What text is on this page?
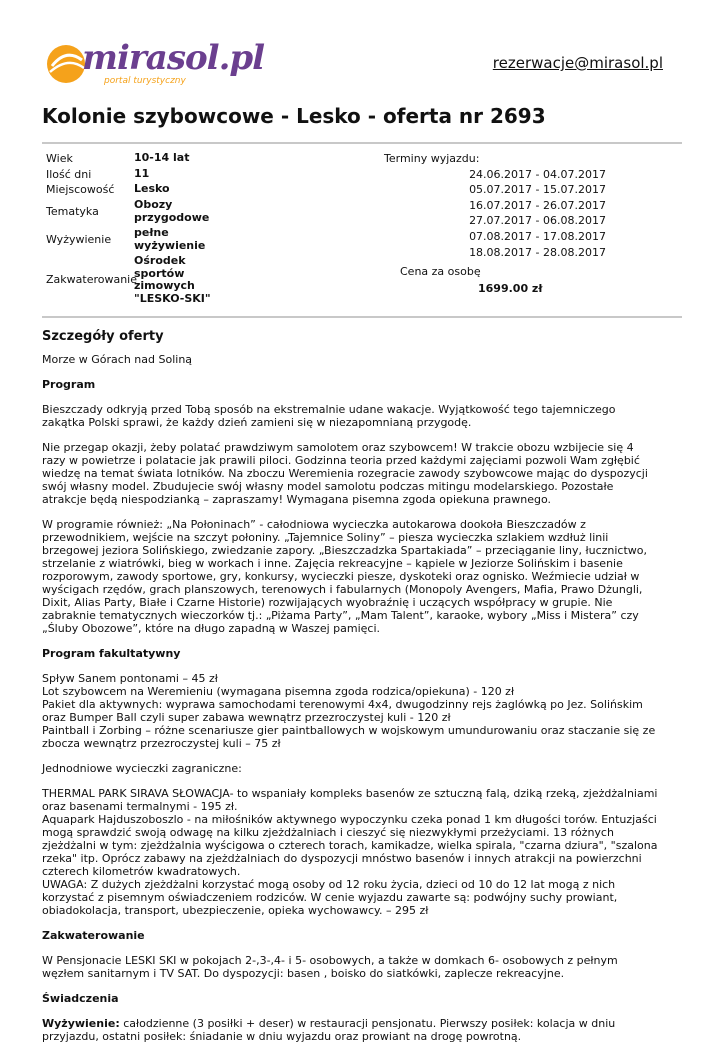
mirasol.pl
portal turystyczny
rezerwacje@mirasol.pl
Kolonie szybowcowe - Lesko - oferta nr 2693
Wiek	10-14 lat
Ilość dni	11
Miejscowość Lesko
Tematyka
Obozy przygodowe
Wyżywienie
pełne wyżywienie
Zakwaterowanie
Ośrodek sportów zimowych "LESKO-SKI"
Terminy wyjazdu:
24.06.2017 - 04.07.2017
05.07.2017 - 15.07.2017
16.07.2017 - 26.07.2017
27.07.2017 - 06.08.2017
07.08.2017 - 17.08.2017
18.08.2017 - 28.08.2017
Cena za osobę
1699.00 zł
Szczegóły oferty

Morze w Górach nad Soliną

Program

Bieszczady odkryją przed Tobą sposób na ekstremalnie udane wakacje. Wyjątkowość tego tajemniczego zakątka Polski sprawi, że każdy dzień zamieni się w niezapomnianą przygodę.

Nie przegap okazji, żeby polatać prawdziwym samolotem oraz szybowcem! W trakcie obozu wzbijecie się 4 razy w powietrze i polatacie jak prawili piloci. Godzinna teoria przed każdymi zajęciami pozwoli Wam zgłębić wiedzę na temat świata lotników. Na zboczu Weremienia rozegracie zawody szybowcowe mając do dyspozycji swój własny model. Zbudujecie swój własny model samolotu podczas mitingu modelarskiego. Pozostałe atrakcje będą niespodzianką – zapraszamy! Wymagana pisemna zgoda opiekuna prawnego.

W programie również: „Na Połoninach” - całodniowa wycieczka autokarowa dookoła Bieszczadów z przewodnikiem, wejście na szczyt połoniny. „Tajemnice Soliny” – piesza wycieczka szlakiem wzdłuż linii brzegowej jeziora Solińskiego, zwiedzanie zapory. „Bieszczadzka Spartakiada” – przeciąganie liny, łucznictwo, strzelanie z wiatrówki, bieg w workach i inne. Zajęcia rekreacyjne – kąpiele w Jeziorze Solińskim i basenie rozporowym, zawody sportowe, gry, konkursy, wycieczki piesze, dyskoteki oraz ognisko. Weźmiecie udział w wyścigach rzędów, grach planszowych, terenowych i fabularnych (Monopoly Avengers, Mafia, Prawo Dżungli, Dixit, Alias Party, Białe i Czarne Historie) rozwijających wyobraźnię i uczących współpracy w grupie. Nie zabraknie tematycznych wieczorków tj.: „Piżama Party”, „Mam Talent”, karaoke, wybory „Miss i Mistera” czy „Śluby Obozowe”, które na długo zapadną w Waszej pamięci.

Program fakultatywny

Spływ Sanem pontonami – 45 zł
Lot szybowcem na Weremieniu (wymagana pisemna zgoda rodzica/opiekuna) - 120 zł
Pakiet dla aktywnych: wyprawa samochodami terenowymi 4x4, dwugodzinny rejs żaglówką po Jez. Solińskim oraz Bumper Ball czyli super zabawa wewnątrz przezroczystej kuli - 120 zł
Paintball i Zorbing – różne scenariusze gier paintballowych w wojskowym umundurowaniu oraz staczanie się ze zbocza wewnątrz przezroczystej kuli – 75 zł

Jednodniowe wycieczki zagraniczne:

THERMAL PARK SIRAVA SŁOWACJA- to wspaniały kompleks basenów ze sztuczną falą, dziką rzeką, zjeżdżalniami oraz basenami termalnymi - 195 zł.
Aquapark Hajduszoboszlo - na miłośników aktywnego wypoczynku czeka ponad 1 km długości torów. Entuzjaści mogą sprawdzić swoją odwagę na kilku zjeżdżalniach i cieszyć się niezwykłymi przeżyciami. 13 różnych zjeżdżalni w tym: zjeżdżalnia wyścigowa o czterech torach, kamikadze, wielka spirala, "czarna dziura", "szalona rzeka" itp. Oprócz zabawy na zjeżdżalniach do dyspozycji mnóstwo basenów i innych atrakcji na powierzchni czterech kilometrów kwadratowych.
UWAGA: Z dużych zjeżdżalni korzystać mogą osoby od 12 roku życia, dzieci od 10 do 12 lat mogą z nich korzystać z pisemnym oświadczeniem rodziców. W cenie wyjazdu zawarte są: podwójny suchy prowiant, obiadokolacja, transport, ubezpieczenie, opieka wychowawcy. – 295 zł

Zakwaterowanie

W Pensjonacie LESKI SKI w pokojach 2-,3-,4- i 5- osobowych, a także w domkach 6- osobowych z pełnym węzłem sanitarnym i TV SAT. Do dyspozycji: basen , boisko do siatkówki, zaplecze rekreacyjne.

Świadczenia

Wyżywienie: całodzienne (3 posiłki + deser) w restauracji pensjonatu. Pierwszy posiłek: kolacja w dniu przyjazdu, ostatni posiłek: śniadanie w dniu wyjazdu oraz prowiant na drogę powrotną.
